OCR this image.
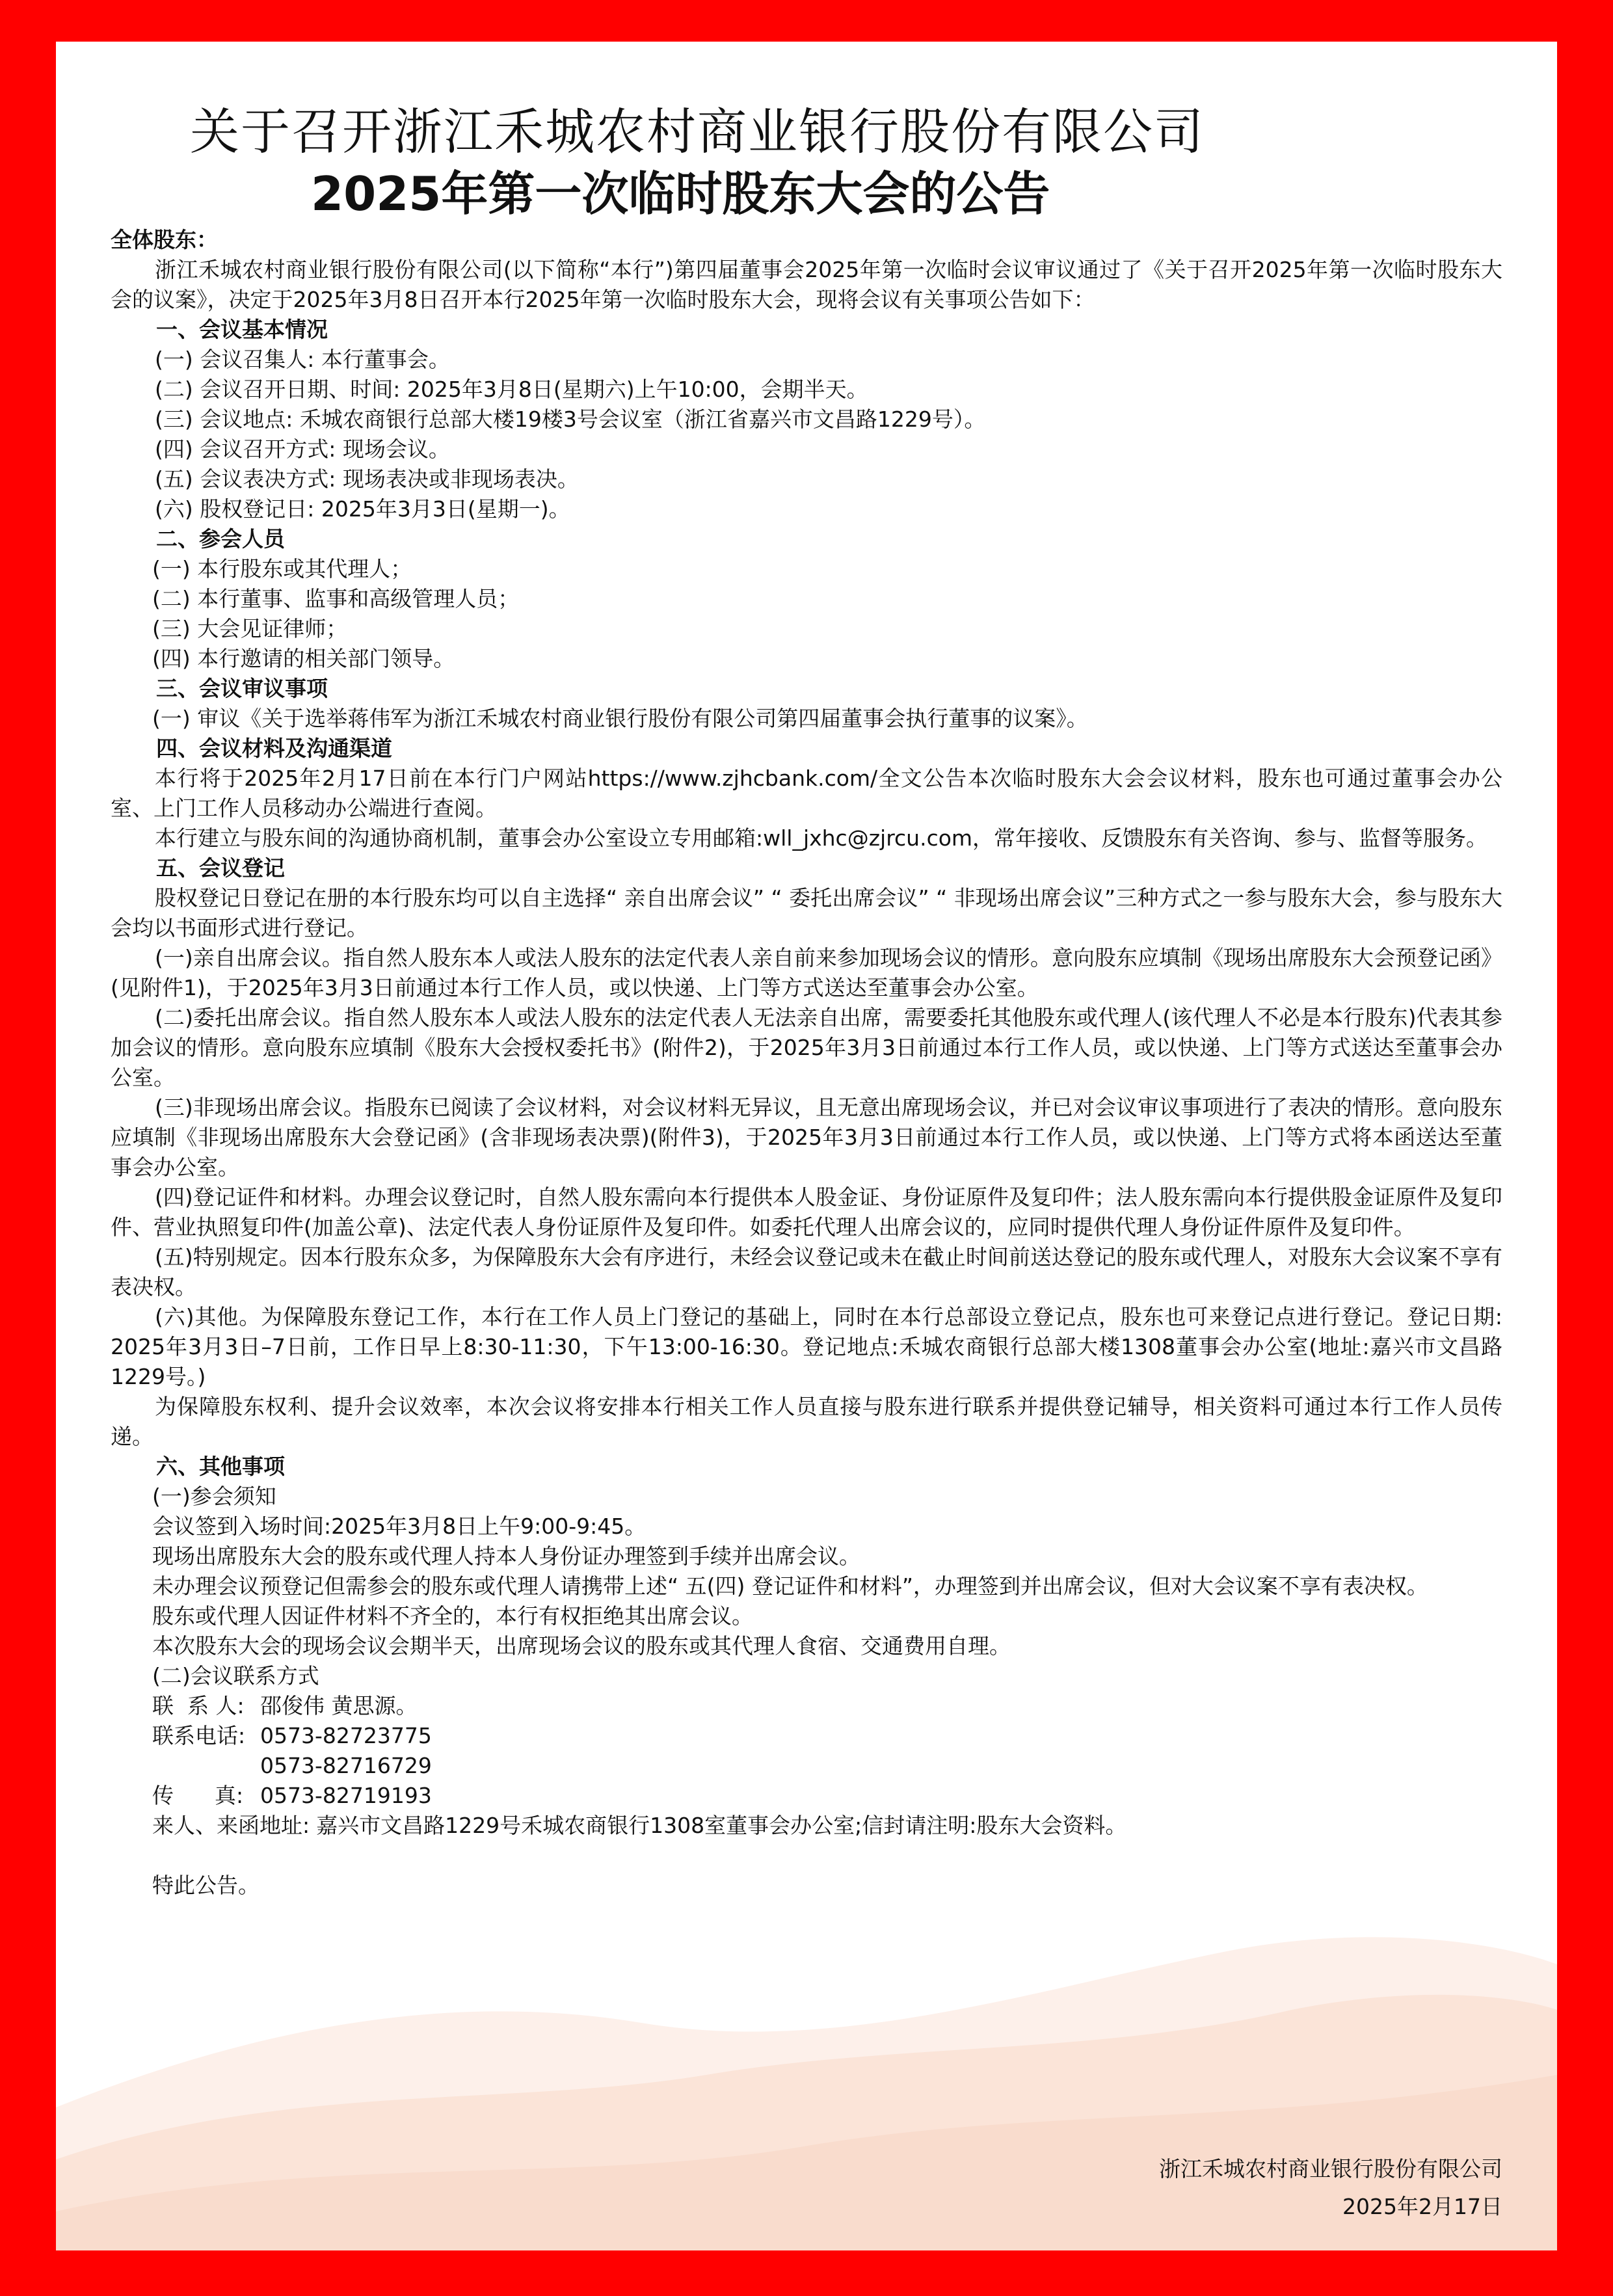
关于召开浙江禾城农村商业银行股份有限公司
2025年第一次临时股东大会的公告

全体股东：

浙江禾城农村商业银行股份有限公司(以下简称“本行”)第四届董事会2025年第一次临时会议审议通过了《关于召开2025年第一次临时股东大会的议案》，决定于2025年3月8日召开本行2025年第一次临时股东大会，现将会议有关事项公告如下：

一、会议基本情况

(一) 会议召集人: 本行董事会。

(二) 会议召开日期、时间: 2025年3月8日(星期六)上午10:00，会期半天。

(三) 会议地点: 禾城农商银行总部大楼19楼3号会议室（浙江省嘉兴市文昌路1229号）。

(四) 会议召开方式: 现场会议。

(五) 会议表决方式: 现场表决或非现场表决。

(六) 股权登记日: 2025年3月3日(星期一)。

二、参会人员

(一) 本行股东或其代理人；

(二) 本行董事、监事和高级管理人员；

(三) 大会见证律师；

(四) 本行邀请的相关部门领导。

三、会议审议事项

(一) 审议《关于选举蒋伟军为浙江禾城农村商业银行股份有限公司第四届董事会执行董事的议案》。

四、会议材料及沟通渠道

本行将于2025年2月17日前在本行门户网站https://www.zjhcbank.com/全文公告本次临时股东大会会议材料，股东也可通过董事会办公室、上门工作人员移动办公端进行查阅。

本行建立与股东间的沟通协商机制，董事会办公室设立专用邮箱:wll_jxhc@zjrcu.com，常年接收、反馈股东有关咨询、参与、监督等服务。

五、会议登记

股权登记日登记在册的本行股东均可以自主选择“ 亲自出席会议” “ 委托出席会议” “ 非现场出席会议”三种方式之一参与股东大会，参与股东大会均以书面形式进行登记。

(一)亲自出席会议。指自然人股东本人或法人股东的法定代表人亲自前来参加现场会议的情形。意向股东应填制《现场出席股东大会预登记函》(见附件1)，于2025年3月3日前通过本行工作人员，或以快递、上门等方式送达至董事会办公室。

(二)委托出席会议。指自然人股东本人或法人股东的法定代表人无法亲自出席，需要委托其他股东或代理人(该代理人不必是本行股东)代表其参加会议的情形。意向股东应填制《股东大会授权委托书》(附件2)，于2025年3月3日前通过本行工作人员，或以快递、上门等方式送达至董事会办公室。

(三)非现场出席会议。指股东已阅读了会议材料，对会议材料无异议，且无意出席现场会议，并已对会议审议事项进行了表决的情形。意向股东应填制《非现场出席股东大会登记函》(含非现场表决票)(附件3)，于2025年3月3日前通过本行工作人员，或以快递、上门等方式将本函送达至董事会办公室。

(四)登记证件和材料。办理会议登记时，自然人股东需向本行提供本人股金证、身份证原件及复印件；法人股东需向本行提供股金证原件及复印件、营业执照复印件(加盖公章)、法定代表人身份证原件及复印件。如委托代理人出席会议的，应同时提供代理人身份证件原件及复印件。

(五)特别规定。因本行股东众多，为保障股东大会有序进行，未经会议登记或未在截止时间前送达登记的股东或代理人，对股东大会议案不享有表决权。

(六)其他。为保障股东登记工作，本行在工作人员上门登记的基础上，同时在本行总部设立登记点，股东也可来登记点进行登记。登记日期: 2025年3月3日–7日前，工作日早上8:30-11:30，下午13:00-16:30。登记地点:禾城农商银行总部大楼1308董事会办公室(地址:嘉兴市文昌路1229号。)

为保障股东权利、提升会议效率，本次会议将安排本行相关工作人员直接与股东进行联系并提供登记辅导，相关资料可通过本行工作人员传递。

六、其他事项

(一)参会须知

会议签到入场时间:2025年3月8日上午9:00-9:45。

现场出席股东大会的股东或代理人持本人身份证办理签到手续并出席会议。

未办理会议预登记但需参会的股东或代理人请携带上述“ 五(四) 登记证件和材料”，办理签到并出席会议，但对大会议案不享有表决权。

股东或代理人因证件材料不齐全的，本行有权拒绝其出席会议。

本次股东大会的现场会议会期半天，出席现场会议的股东或其代理人食宿、交通费用自理。

(二)会议联系方式

联  系 人: 邵俊伟 黄思源。

联系电话: 0573-82723775

0573-82716729

传      真: 0573-82719193

来人、来函地址: 嘉兴市文昌路1229号禾城农商银行1308室董事会办公室;信封请注明:股东大会资料。

特此公告。

浙江禾城农村商业银行股份有限公司
2025年2月17日
